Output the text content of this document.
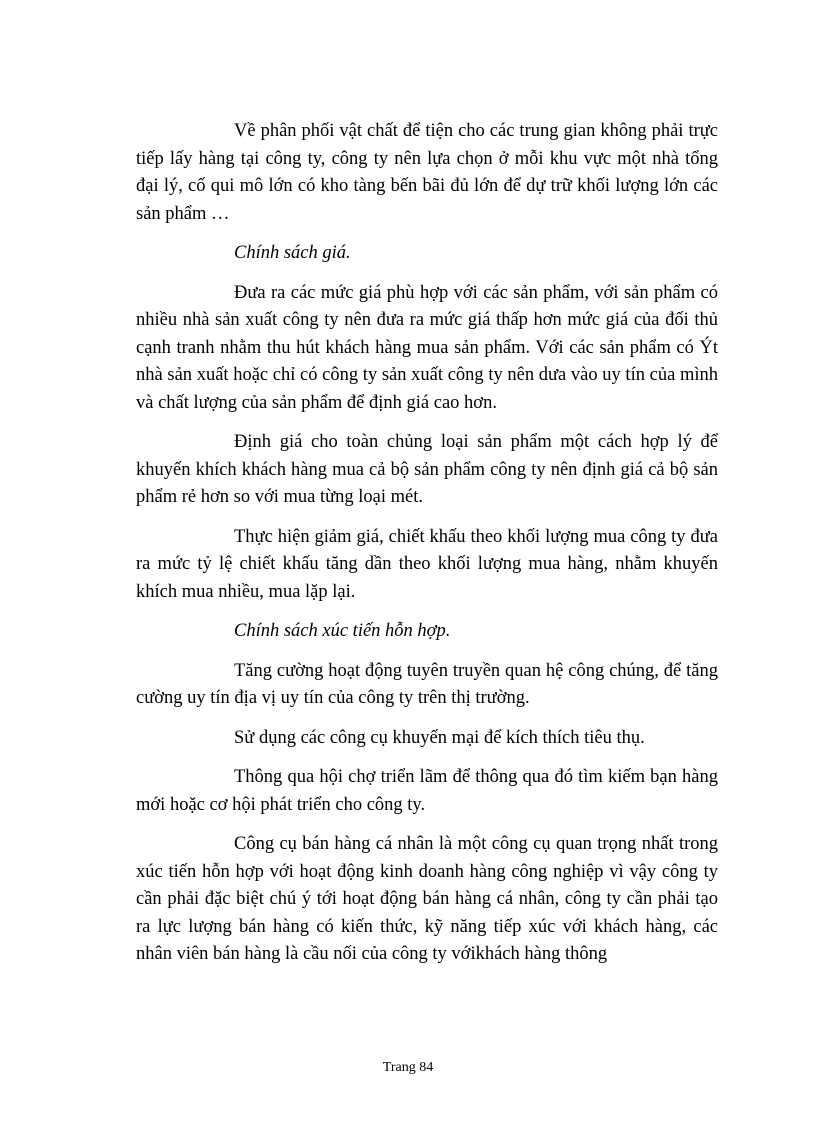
Về phân phối vật chất để tiện cho các trung gian không phải trực tiếp lấy hàng tại công ty, công ty nên lựa chọn ở mỗi khu vực một nhà tổng đại lý, cố qui mô lớn có kho tàng bến bãi đủ lớn để dự trữ khối lượng lớn các sản phẩm …

Chính sách giá.

Đưa ra các mức giá phù hợp với các sản phẩm, với sản phẩm có nhiều nhà sản xuất công ty nên đưa ra mức giá thấp hơn mức giá của đối thủ cạnh tranh nhằm thu hút khách hàng mua sản phẩm. Với các sản phẩm có Ýt nhà sản xuất hoặc chỉ có công ty sản xuất công ty nên dưa vào uy tín của mình và chất lượng của sản phẩm để định giá cao hơn.

Định giá cho toàn chủng loại sản phẩm một cách hợp lý để khuyến khích khách hàng mua cả bộ sản phẩm công ty nên định giá cả bộ sản phẩm rẻ hơn so với mua từng loại mét.

Thực hiện giảm giá, chiết khấu theo khối lượng mua công ty đưa ra mức tỷ lệ chiết khấu tăng dần theo khối lượng mua hàng, nhằm khuyến khích mua nhiều, mua lặp lại.

Chính sách xúc tiến hỗn hợp.

Tăng cường hoạt động tuyên truyền quan hệ công chúng, để tăng cường uy tín địa vị uy tín của công ty trên thị trường.

Sử dụng các công cụ khuyến mại để kích thích tiêu thụ.

Thông qua hội chợ triển lãm để thông qua đó tìm kiếm bạn hàng mới hoặc cơ hội phát triển cho công ty.

Công cụ bán hàng cá nhân là một công cụ quan trọng nhất trong xúc tiến hỗn hợp với hoạt động kinh doanh hàng công nghiệp vì vậy công ty cần phải đặc biệt chú ý tới hoạt động bán hàng cá nhân, công ty cần phải tạo ra lực lượng bán hàng có kiến thức, kỹ năng tiếp xúc với khách hàng, các nhân viên bán hàng là cầu nối của công ty vớikhách hàng thông

Trang 84
